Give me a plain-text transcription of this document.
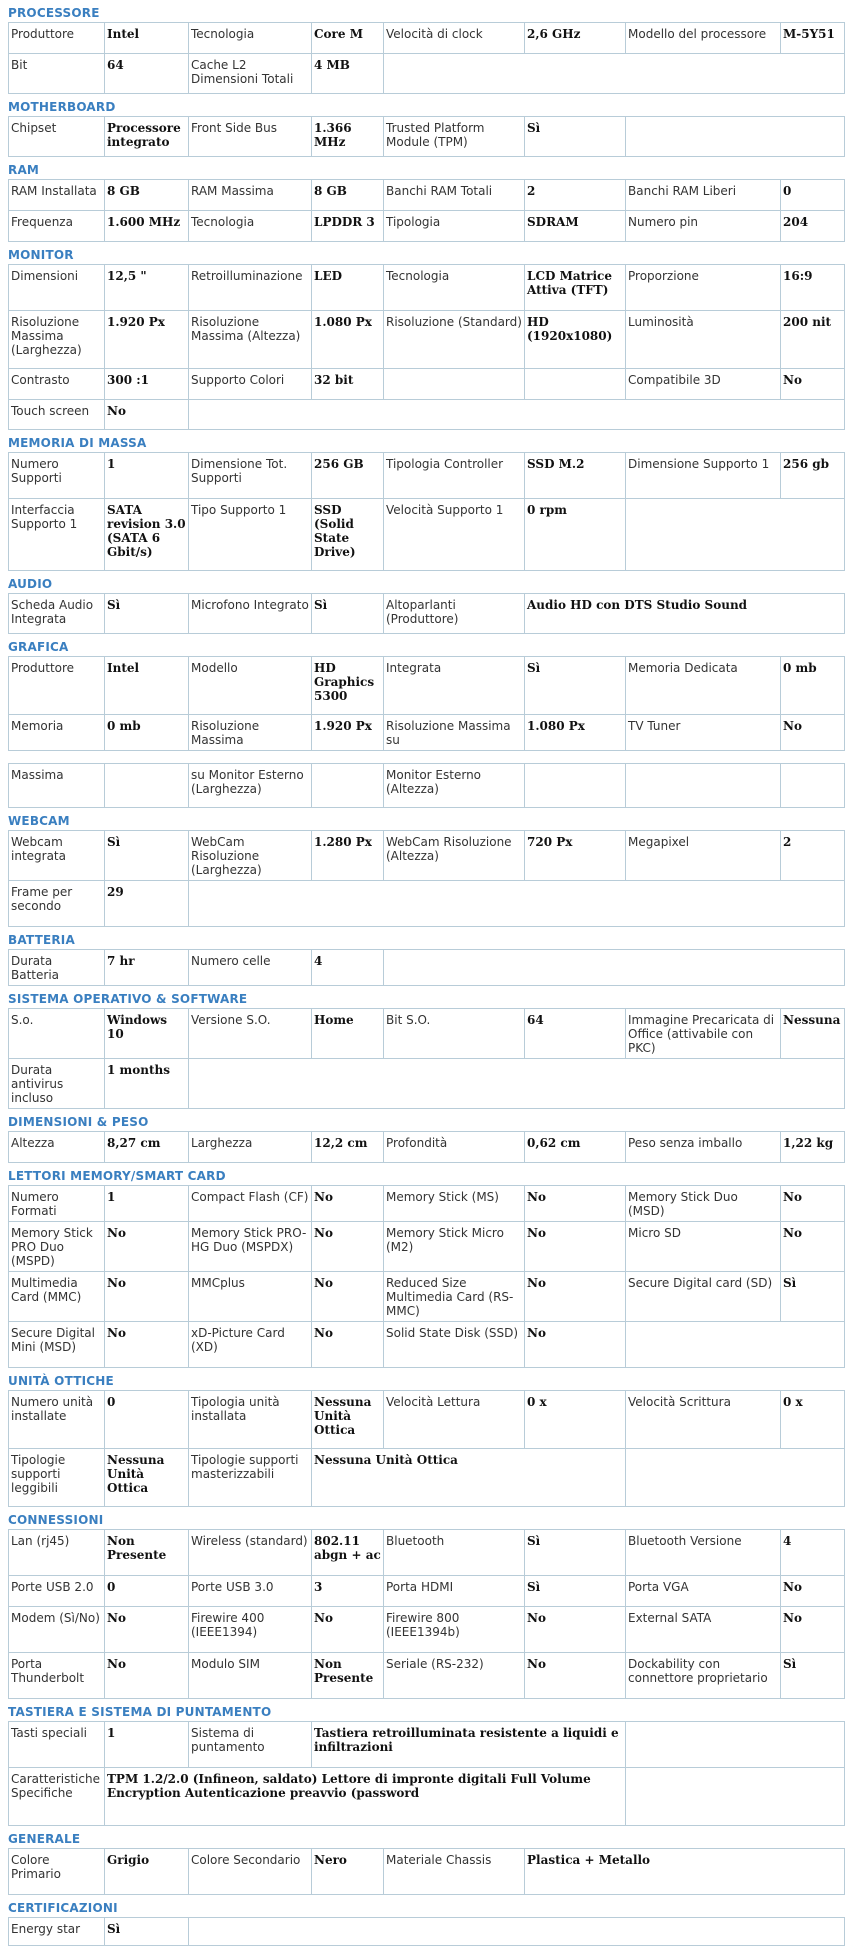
PROCESSORE
Produttore	Intel	Tecnologia	Core M	Velocità di clock	2,6 GHz	Modello del processore	M-5Y51
Bit	64	Cache L2 Dimensioni Totali	4 MB				
MOTHERBOARD
Chipset	Processore integrato	Front Side Bus	1.366 MHz	Trusted Platform Module (TPM)	Sì	
RAM
RAM Installata	8 GB	RAM Massima	8 GB	Banchi RAM Totali	2	Banchi RAM Liberi	0
Frequenza	1.600 MHz	Tecnologia	LPDDR 3	Tipologia	SDRAM	Numero pin	204
MONITOR
Dimensioni	12,5 "	Retroilluminazione	LED	Tecnologia	LCD Matrice Attiva (TFT)	Proporzione	16:9
Risoluzione Massima (Larghezza)	1.920 Px	Risoluzione Massima (Altezza)	1.080 Px	Risoluzione (Standard)	HD (1920x1080)	Luminosità	200 nit
Contrasto	300 :1	Supporto Colori	32 bit			Compatibile 3D	No
Touch screen	No						
MEMORIA DI MASSA
Numero Supporti	1	Dimensione Tot. Supporti	256 GB	Tipologia Controller	SSD M.2	Dimensione Supporto 1	256 gb
Interfaccia Supporto 1	SATA revision 3.0 (SATA 6 Gbit/s)	Tipo Supporto 1	SSD (Solid State Drive)	Velocità Supporto 1	0 rpm		
AUDIO
Scheda Audio Integrata	Sì	Microfono Integrato	Sì	Altoparlanti (Produttore)	Audio HD con DTS Studio Sound
GRAFICA
Produttore	Intel	Modello	HD Graphics 5300	Integrata	Sì	Memoria Dedicata	0 mb
Memoria	0 mb	Risoluzione Massima	1.920 Px	Risoluzione Massima su	1.080 Px	TV Tuner	No
Massima		su Monitor Esterno (Larghezza)		Monitor Esterno (Altezza)			
WEBCAM
Webcam integrata	Sì	WebCam Risoluzione (Larghezza)	1.280 Px	WebCam Risoluzione (Altezza)	720 Px	Megapixel	2
Frame per secondo	29						
BATTERIA
Durata Batteria	7 hr	Numero celle	4	
SISTEMA OPERATIVO & SOFTWARE
S.o.	Windows 10	Versione S.O.	Home	Bit S.O.	64	Immagine Precaricata di Office (attivabile con PKC)	Nessuna
Durata antivirus incluso	1 months						
DIMENSIONI & PESO
Altezza	8,27 cm	Larghezza	12,2 cm	Profondità	0,62 cm	Peso senza imballo	1,22 kg
LETTORI MEMORY/SMART CARD
Numero Formati	1	Compact Flash (CF)	No	Memory Stick (MS)	No	Memory Stick Duo (MSD)	No
Memory Stick PRO Duo (MSPD)	No	Memory Stick PRO-HG Duo (MSPDX)	No	Memory Stick Micro (M2)	No	Micro SD	No
Multimedia Card (MMC)	No	MMCplus	No	Reduced Size Multimedia Card (RS-MMC)	No	Secure Digital card (SD)	Sì
Secure Digital Mini (MSD)	No	xD-Picture Card (XD)	No	Solid State Disk (SSD)	No		
UNITÀ OTTICHE
Numero unità installate	0	Tipologia unità installata	Nessuna Unità Ottica	Velocità Lettura	0 x	Velocità Scrittura	0 x
Tipologie supporti leggibili	Nessuna Unità Ottica	Tipologie supporti masterizzabili	Nessuna Unità Ottica				
CONNESSIONI
Lan (rj45)	Non Presente	Wireless (standard)	802.11 abgn + ac	Bluetooth	Sì	Bluetooth Versione	4
Porte USB 2.0	0	Porte USB 3.0	3	Porta HDMI	Sì	Porta VGA	No
Modem (Sì/No)	No	Firewire 400 (IEEE1394)	No	Firewire 800 (IEEE1394b)	No	External SATA	No
Porta Thunderbolt	No	Modulo SIM	Non Presente	Seriale (RS-232)	No	Dockability con connettore proprietario	Sì
TASTIERA E SISTEMA DI PUNTAMENTO
Tasti speciali	1	Sistema di puntamento	Tastiera retroilluminata resistente a liquidi e infiltrazioni	
Caratteristiche Specifiche	TPM 1.2/2.0 (Infineon, saldato) Lettore di impronte digitali Full Volume Encryption Autenticazione preavvio (password			
GENERALE
Colore Primario	Grigio	Colore Secondario	Nero	Materiale Chassis	Plastica + Metallo
CERTIFICAZIONI
Energy star	Sì	
